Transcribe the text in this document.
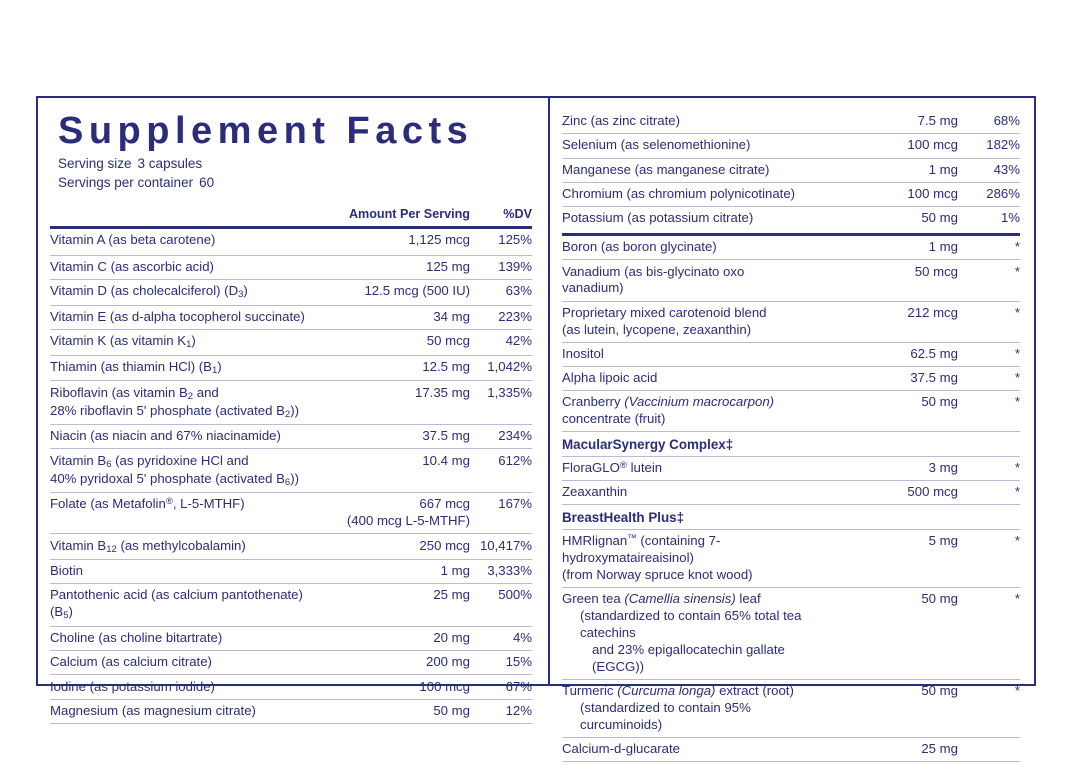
Supplement Facts
Serving size 3 capsules
Servings per container 60
	Amount Per Serving	%DV
Vitamin A (as beta carotene)	1,125 mcg	125%

Vitamin C (as ascorbic acid)	125 mg	139%
Vitamin D (as cholecalciferol) $(D_3)$	12.5 mcg (500 IU)	63%
Vitamin E (as d-alpha tocopherol succinate)	34 mg	223%
Vitamin K (as vitamin $K_1$)	50 mcg	42%
Thiamin (as thiamin HCl) $(B_1)$	12.5 mg	1,042%
Riboflavin (as vitamin $B_2$ and	17.35 mg	1,335%
28% riboflavin 5' phosphate (activated $B_2$))		
Niacin (as niacin and 67% niacinamide)	37.5 mg	234%
Vitamin $B_6$ (as pyridoxine HCl and	10.4 mg	612%
40% pyridoxal 5' phosphate (activated $B_6$))		
Folate (as Metafolin®, L-5-MTHF)	667 mcg	167%
	(400 mcg L-5-MTHF)	
Vitamin $B_{12}$ (as methylcobalamin)	250 mcg	10,417%
Biotin	1 mg	3,333%
Pantothenic acid (as calcium pantothenate) $(B_5)$	25 mg	500%
Choline (as choline bitartrate)	20 mg	4%
Calcium (as calcium citrate)	200 mg	15%
Iodine (as potassium iodide)	100 mcg	67%
Magnesium (as magnesium citrate)	50 mg	12%
Zinc (as zinc citrate)	7.5 mg	68%
Selenium (as selenomethionine)	100 mcg	182%
Manganese (as manganese citrate)	1 mg	43%
Chromium (as chromium polynicotinate)	100 mcg	286%
Potassium (as potassium citrate)	50 mg	1%
Boron (as boron glycinate)	1 mg	*
Vanadium (as bis-glycinato oxo vanadium)	50 mcg	*
Proprietary mixed carotenoid blend	212 mcg	*
(as lutein, lycopene, zeaxanthin)		
Inositol	62.5 mg	*
Alpha lipoic acid	37.5 mg	*
Cranberry (Vaccinium macrocarpon)	50 mg	*
concentrate (fruit)		
MacularSynergy Complex‡		
FloraGLO® lutein	3 mg	*
Zeaxanthin	500 mcg	*
BreastHealth Plus‡		
HMRlignan™ (containing 7-hydroxymataireaisinol)	5 mg	*
(from Norway spruce knot wood)		
Green tea (Camellia sinensis) leaf	50 mg	*
(standardized to contain 65% total tea catechins		
and 23% epigallocatechin gallate (EGCG))		
Turmeric (Curcuma longa) extract (root)	50 mg	*
(standardized to contain 95% curcuminoids)		
Calcium-d-glucarate	25 mg	
